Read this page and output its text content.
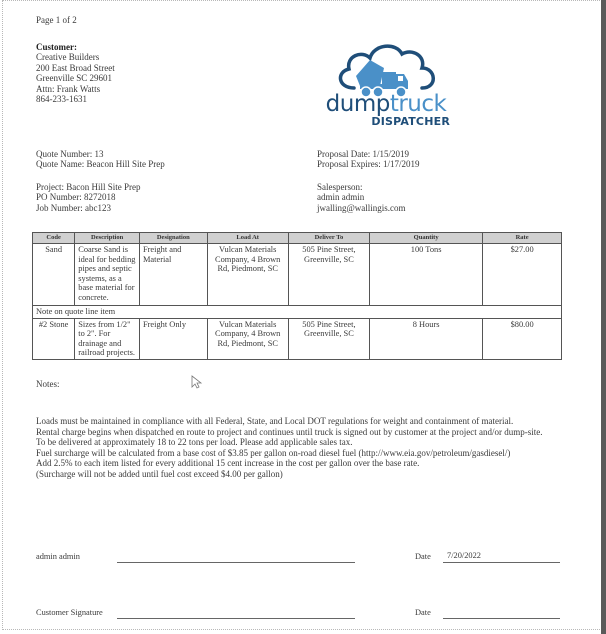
Page 1 of 2
Customer:
Creative Builders
200 East Broad Street
Greenville SC 29601
Attn: Frank Watts
864-233-1631	dumptruck
DISPATCHER
Quote Number: 13
Quote Name: Beacon Hill Site Prep
Project: Bacon Hill Site Prep
PO Number: 8272018
Job Number: abc123
Proposal Date: 1/15/2019
Proposal Expires: 1/17/2019
Salesperson:
admin admin
jwalling@wallingis.com
Code	Description	Designation	Load At	Deliver To	Quantity	Rate
Sand	Coarse Sand is ideal for bedding pipes and septic systems, as a base material for concrete.	Freight and Material	Vulcan Materials Company, 4 Brown Rd, Piedmont, SC	505 Pine Street, Greenville, SC	100 Tons	$27.00
Note on quote line item						
#2 Stone	Sizes from 1/2" to 2". For drainage and railroad projects.	Freight Only	Vulcan Materials Company, 4 Brown Rd, Piedmont, SC	505 Pine Street, Greenville, SC	8 Hours	$80.00
Notes:
Loads must be maintained in compliance with all Federal, State, and Local DOT regulations for weight and containment of material.
Rental charge begins when dispatched en route to project and continues until truck is signed out by customer at the project and/or dump-site.
To be delivered at approximately 18 to 22 tons per load. Please add applicable sales tax.
Fuel surcharge will be calculated from a base cost of $3.85 per gallon on-road diesel fuel (http://www.eia.gov/petroleum/gasdiesel/)
Add 2.5% to each item listed for every additional 15 cent increase in the cost per gallon over the base rate.
(Surcharge will not be added until fuel cost exceed $4.00 per gallon)
admin admin	Date 7/20/2022
Customer Signature	Date
